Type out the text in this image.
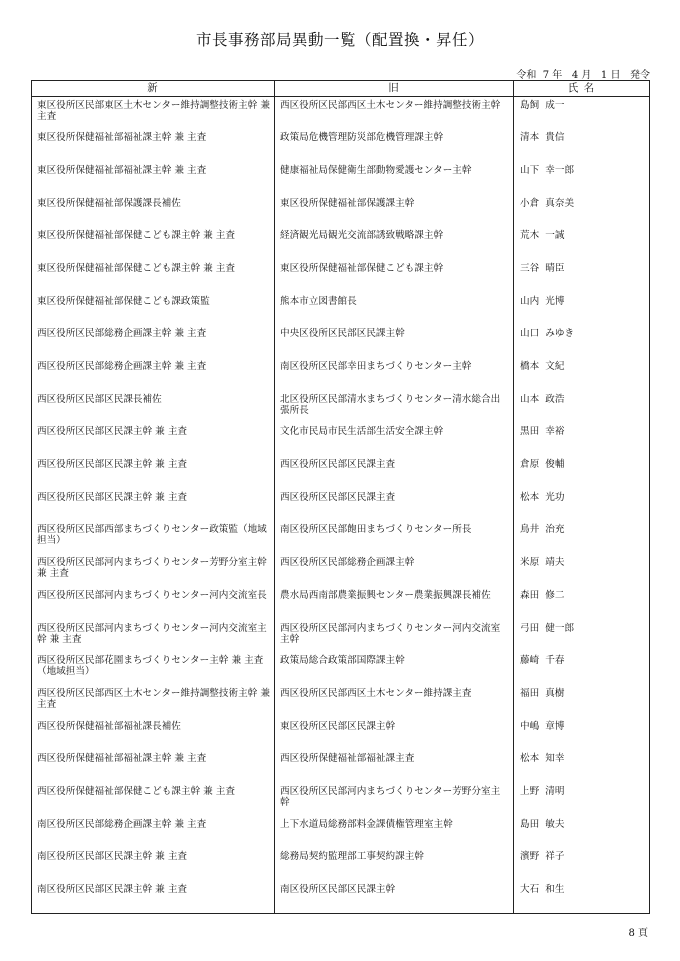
市長事務部局異動一覧（配置換・昇任）
令和  7 年   4 月   1 日   発令
新	旧	氏 名
東区役所区民部東区土木センター維持調整技術主幹 兼 主査	西区役所区民部西区土木センター維持調整技術主幹	島飼  成一
東区役所保健福祉部福祉課主幹 兼 主査	政策局危機管理防災部危機管理課主幹	清本  貴信
東区役所保健福祉部福祉課主幹 兼 主査	健康福祉局保健衛生部動物愛護センター主幹	山下  幸一郎
東区役所保健福祉部保護課長補佐	東区役所保健福祉部保護課主幹	小倉  真奈美
東区役所保健福祉部保健こども課主幹 兼 主査	経済観光局観光交流部誘致戦略課主幹	荒木  一誠
東区役所保健福祉部保健こども課主幹 兼 主査	東区役所保健福祉部保健こども課主幹	三谷  晴臣
東区役所保健福祉部保健こども課政策監	熊本市立図書館長	山内  光博
西区役所区民部総務企画課主幹 兼 主査	中央区役所区民部区民課主幹	山口  みゆき
西区役所区民部総務企画課主幹 兼 主査	南区役所区民部幸田まちづくりセンター主幹	橋本  文紀
西区役所区民部区民課長補佐	北区役所区民部清水まちづくりセンター清水総合出張所長	山本  政浩
西区役所区民部区民課主幹 兼 主査	文化市民局市民生活部生活安全課主幹	黒田  幸裕
西区役所区民部区民課主幹 兼 主査	西区役所区民部区民課主査	倉原  俊輔
西区役所区民部区民課主幹 兼 主査	西区役所区民部区民課主査	松本  光功
西区役所区民部西部まちづくりセンター政策監（地域担当）	南区役所区民部飽田まちづくりセンター所長	鳥井  治充
西区役所区民部河内まちづくりセンター芳野分室主幹 兼 主査	西区役所区民部総務企画課主幹	米原  靖夫
西区役所区民部河内まちづくりセンター河内交流室長	農水局西南部農業振興センター農業振興課長補佐	森田  修二
西区役所区民部河内まちづくりセンター河内交流室主幹 兼 主査	西区役所区民部河内まちづくりセンター河内交流室主幹	弓田  健一郎
西区役所区民部花園まちづくりセンター主幹 兼 主査（地域担当）	政策局総合政策部国際課主幹	藤崎  千春
西区役所区民部西区土木センター維持調整技術主幹 兼 主査	西区役所区民部西区土木センター維持課主査	福田  真樹
西区役所保健福祉部福祉課長補佐	東区役所区民部区民課主幹	中嶋  章博
西区役所保健福祉部福祉課主幹 兼 主査	西区役所保健福祉部福祉課主査	松本  知幸
西区役所保健福祉部保健こども課主幹 兼 主査	西区役所区民部河内まちづくりセンター芳野分室主幹	上野  清明
南区役所区民部総務企画課主幹 兼 主査	上下水道局総務部料金課債権管理室主幹	島田  敏夫
南区役所区民部区民課主幹 兼 主査	総務局契約監理部工事契約課主幹	濱野  祥子
南区役所区民部区民課主幹 兼 主査	南区役所区民部区民課主幹	大石  和生
8 頁
